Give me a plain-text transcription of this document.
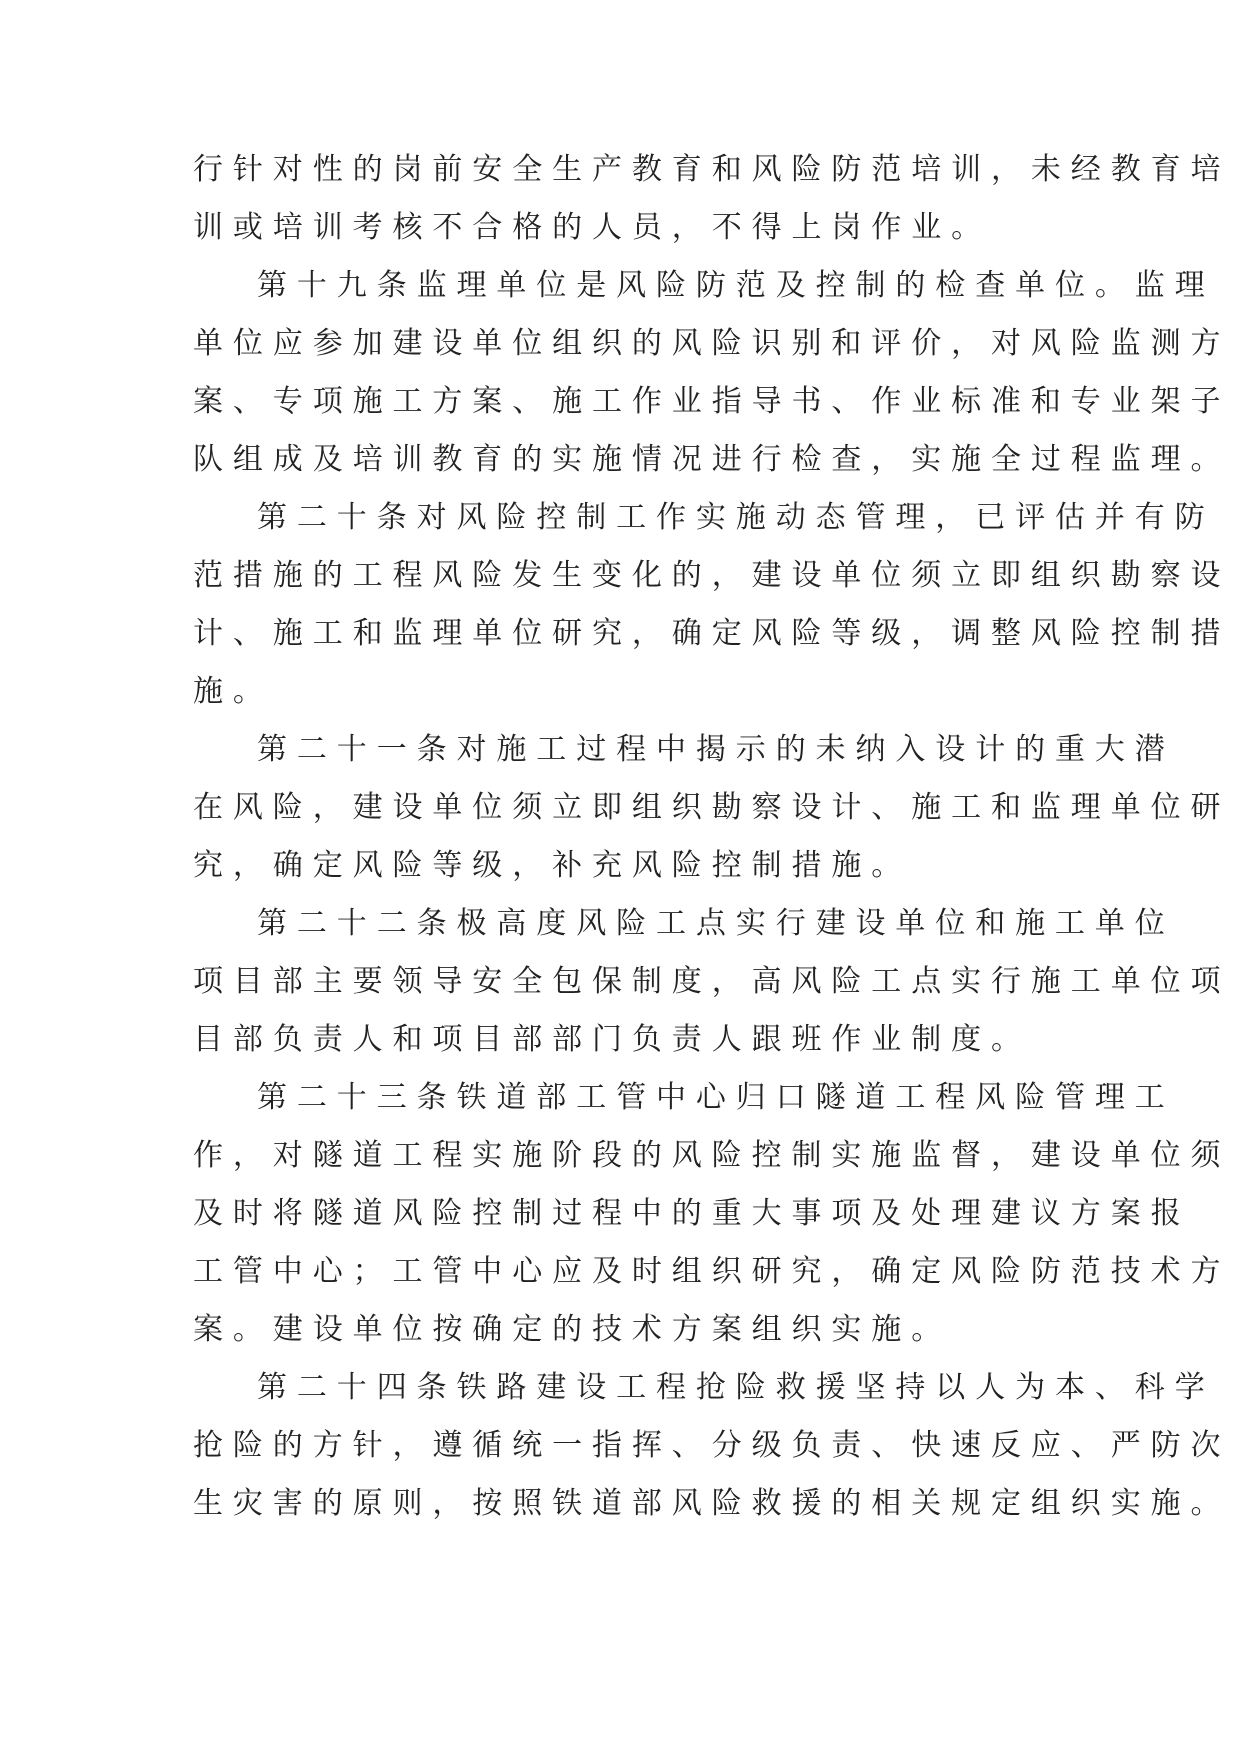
行针对性的岗前安全生产教育和风险防范培训，未经教育培

训或培训考核不合格的人员，不得上岗作业。

第十九条监理单位是风险防范及控制的检查单位。监理

单位应参加建设单位组织的风险识别和评价，对风险监测方

案、专项施工方案、施工作业指导书、作业标准和专业架子

队组成及培训教育的实施情况进行检查，实施全过程监理。

第二十条对风险控制工作实施动态管理，已评估并有防

范措施的工程风险发生变化的，建设单位须立即组织勘察设

计、施工和监理单位研究，确定风险等级，调整风险控制措

施。

第二十一条对施工过程中揭示的未纳入设计的重大潜

在风险，建设单位须立即组织勘察设计、施工和监理单位研

究，确定风险等级，补充风险控制措施。

第二十二条极高度风险工点实行建设单位和施工单位

项目部主要领导安全包保制度，高风险工点实行施工单位项

目部负责人和项目部部门负责人跟班作业制度。

第二十三条铁道部工管中心归口隧道工程风险管理工

作，对隧道工程实施阶段的风险控制实施监督，建设单位须

及时将隧道风险控制过程中的重大事项及处理建议方案报

工管中心；工管中心应及时组织研究，确定风险防范技术方

案。建设单位按确定的技术方案组织实施。

第二十四条铁路建设工程抢险救援坚持以人为本、科学

抢险的方针，遵循统一指挥、分级负责、快速反应、严防次

生灾害的原则，按照铁道部风险救援的相关规定组织实施。
